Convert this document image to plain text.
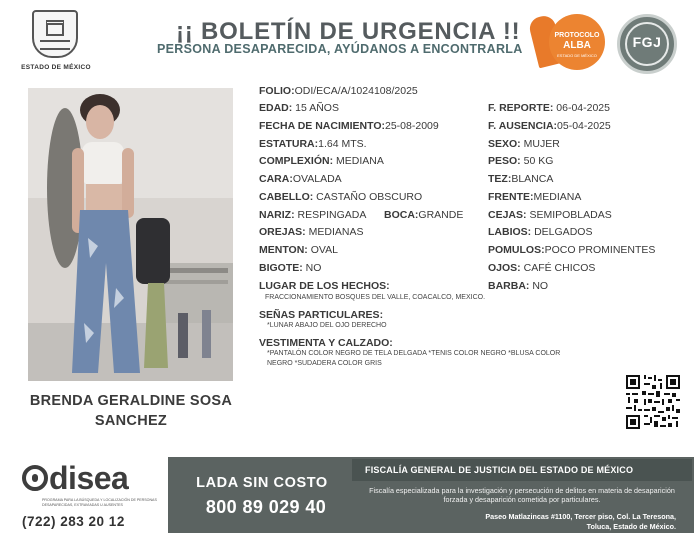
ESTADO DE MÉXICO
¡¡ BOLETÍN DE URGENCIA !!
PERSONA DESAPARECIDA, AYÚDANOS A ENCONTRARLA
PROTOCOLO
ALBA
ESTADO DE MÉXICO
FGJ
BRENDA GERALDINE SOSA
SANCHEZ
FOLIO:ODI/ECA/A/1024108/2025
EDAD: 15 AÑOS	F. REPORTE: 06-04-2025
FECHA DE NACIMIENTO:25-08-2009	F. AUSENCIA:05-04-2025
ESTATURA:1.64 MTS.	SEXO: MUJER
COMPLEXIÓN: MEDIANA	PESO: 50 KG
CARA:OVALADA	TEZ:BLANCA
CABELLO: CASTAÑO OBSCURO	FRENTE:MEDIANA
NARIZ: RESPINGADA BOCA:GRANDE CEJAS: SEMIPOBLADAS
OREJAS: MEDIANAS	LABIOS: DELGADOS
MENTON: OVAL	POMULOS:POCO PROMINENTES
BIGOTE: NO	OJOS: CAFÉ CHICOS
LUGAR DE LOS HECHOS:	BARBA: NO
FRACCIONAMIENTO BOSQUES DEL VALLE, COACALCO, MEXICO.
SEÑAS PARTICULARES:
*LUNAR ABAJO DEL OJO DERECHO
VESTIMENTA Y CALZADO:
*PANTALÓN COLOR NEGRO DE TELA DELGADA *TENIS COLOR NEGRO *BLUSA COLOR
NEGRO *SUDADERA COLOR GRIS
disea
PROGRAMA PARA LA BÚSQUEDA Y LOCALIZACIÓN DE PERSONAS DESAPARECIDAS, EXTRAVIADAS U AUSENTES
(722) 283 20 12
LADA SIN COSTO
800 89 029 40
FISCALÍA GENERAL DE JUSTICIA DEL ESTADO DE MÉXICO
Fiscalía especializada para la investigación y persecución de delitos en materia de desaparición forzada y desaparición cometida por particulares.
Paseo Matlazincas #1100, Tercer piso, Col. La Teresona,
Toluca, Estado de México.
